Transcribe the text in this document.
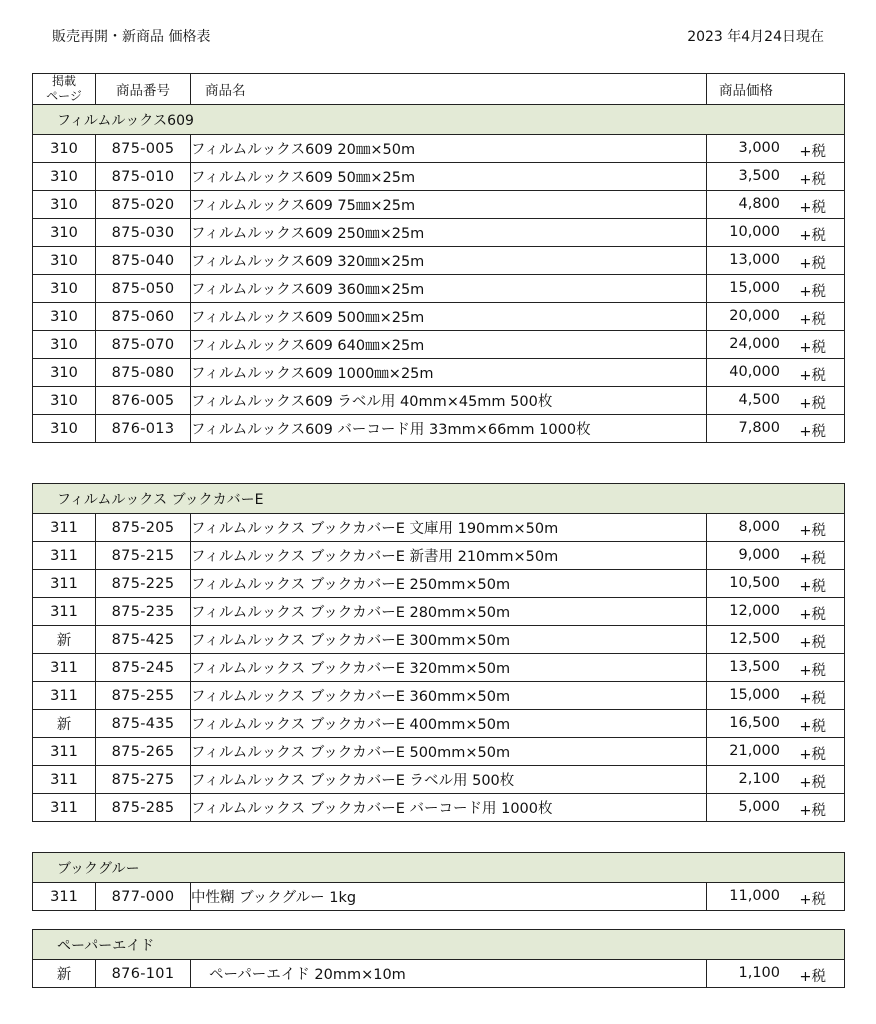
販売再開・新商品 価格表	2023 年4月24日現在
掲載
ページ	商品番号	商品名	商品価格
フィルムルックス609			
310	875-005	フィルムルックス609 20㎜×50m	3,000 +税

310	875-010	フィルムルックス609 50㎜×25m	3,500 +税

310	875-020	フィルムルックス609 75㎜×25m	4,800 +税

310	875-030	フィルムルックス609 250㎜×25m	10,000 +税

310	875-040	フィルムルックス609 320㎜×25m	13,000 +税

310	875-050	フィルムルックス609 360㎜×25m	15,000 +税

310	875-060	フィルムルックス609 500㎜×25m	20,000 +税

310	875-070	フィルムルックス609 640㎜×25m	24,000 +税

310	875-080	フィルムルックス609 1000㎜×25m	40,000 +税

310	876-005	フィルムルックス609 ラベル用 40mm×45mm 500枚	4,500 +税

310	876-013	フィルムルックス609 バーコード用 33mm×66mm 1000枚	7,800 +税
フィルムルックス ブックカバーE			
311	875-205	フィルムルックス ブックカバーE 文庫用 190mm×50m	8,000 +税

311	875-215	フィルムルックス ブックカバーE 新書用 210mm×50m	9,000 +税

311	875-225	フィルムルックス ブックカバーE 250mm×50m	10,500 +税

311	875-235	フィルムルックス ブックカバーE 280mm×50m	12,000 +税

新	875-425	フィルムルックス ブックカバーE 300mm×50m	12,500 +税

311	875-245	フィルムルックス ブックカバーE 320mm×50m	13,500 +税

311	875-255	フィルムルックス ブックカバーE 360mm×50m	15,000 +税

新	875-435	フィルムルックス ブックカバーE 400mm×50m	16,500 +税

311	875-265	フィルムルックス ブックカバーE 500mm×50m	21,000 +税

311	875-275	フィルムルックス ブックカバーE ラベル用 500枚	2,100 +税

311	875-285	フィルムルックス ブックカバーE バーコード用 1000枚	5,000 +税
ブックグルー
311	877-000	中性糊 ブックグルー 1kg	11,000 +税
ペーパーエイド
新	876-101	ペーパーエイド 20mm×10m	1,100 +税
